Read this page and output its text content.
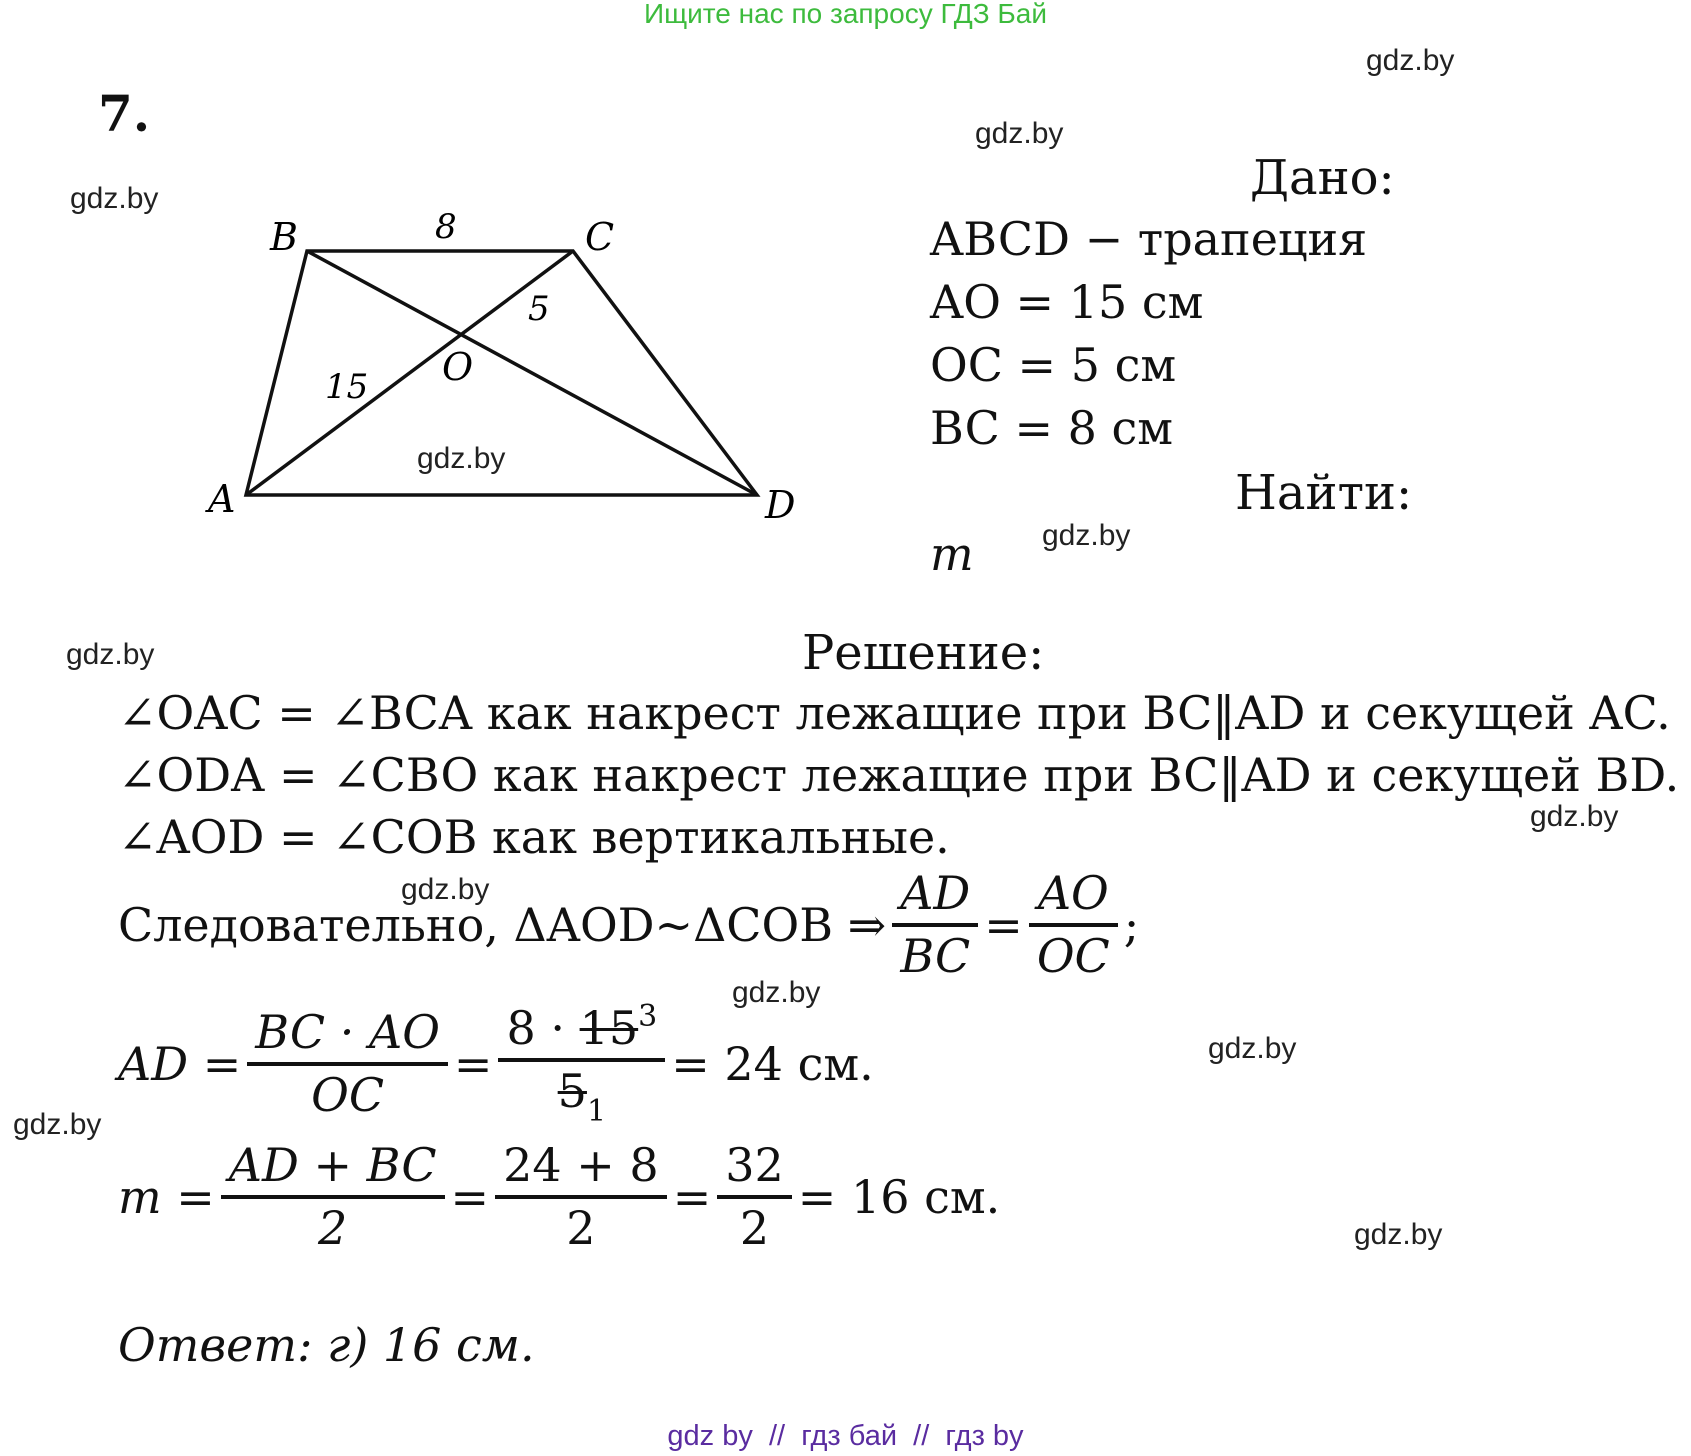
Ищите нас по запросу ГДЗ Бай
gdz.by
gdz.by
gdz.by
gdz.by
gdz.by
gdz.by
gdz.by
gdz.by
gdz.by
gdz.by
gdz.by
gdz.by
7.
B	C
A	D
O
8
5
15
Дано:
ABCD − трапеция
AO = 15 см
OC = 5 см
BC = 8 см
Найти:
m
Решение:
∠OAC = ∠BCA как накрест лежащие при BC‖AD и секущей AC.
∠ODA = ∠CBO как накрест лежащие при BC‖AD и секущей BD.
∠AOD = ∠COB как вертикальные.
Следовательно, ΔAOD~ΔCOB ⇒ $\frac{AD}{BC} = \frac{AO}{OC}$ ;
AD = $\frac{BC \cdot AO}{OC} = \frac{8 \cdot 15^3}{5_1} = 24$ см.
$m = \frac{AD + BC}{2} = \frac{24 + 8}{2} = \frac{32}{2} = 16$ см.
Ответ: г) 16 см.
gdz by  //  гдз бай  //  гдз by
